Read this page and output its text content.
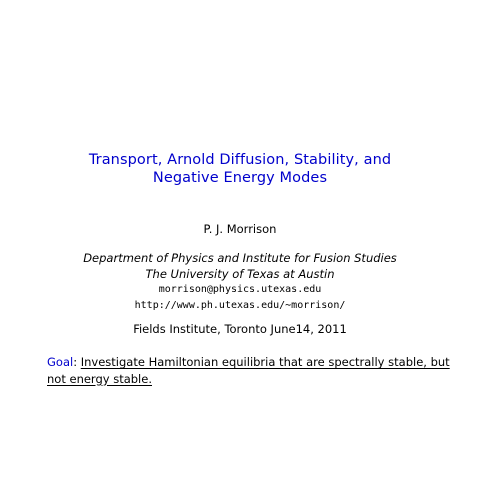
Transport, Arnold Diffusion, Stability, and
Negative Energy Modes
P. J. Morrison
Department of Physics and Institute for Fusion Studies
The University of Texas at Austin
morrison@physics.utexas.edu
http://www.ph.utexas.edu/∼morrison/
Fields Institute, Toronto June14, 2011
Goal: Investigate Hamiltonian equilibria that are spectrally stable, but not energy stable.
